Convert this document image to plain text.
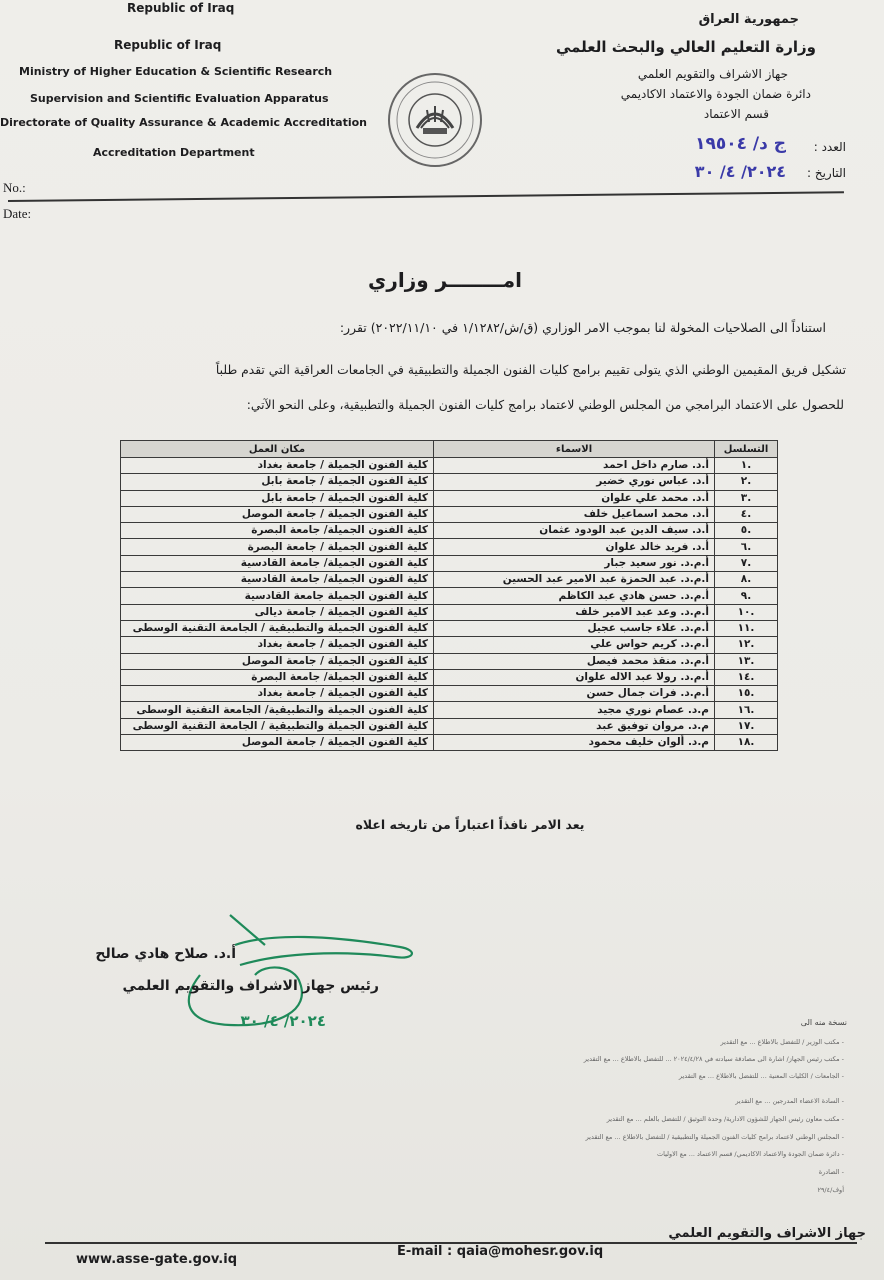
Republic of Iraq
Republic of Iraq
Ministry of Higher Education & Scientific Research
Supervision and Scientific Evaluation Apparatus
Directorate of Quality Assurance & Academic Accreditation
Accreditation Department
No.:
Date:
جمهورية العراق
وزارة التعليم العالي والبحث العلمي
جهاز الاشراف والتقويم العلمي
دائرة ضمان الجودة والاعتماد الاكاديمي
قسم الاعتماد
العدد :
ج د/ ١٩٥٠٤
التاريخ :
٢٠٢٤/ ٤/ ٣٠
امــــــــر وزاري
استناداً الى الصلاحيات المخولة لنا بموجب الامر الوزاري (ق/ش/١/١٢٨٢ في ٢٠٢٢/١١/١٠) تقرر:
تشكيل فريق المقيمين الوطني الذي يتولى تقييم برامج كليات الفنون الجميلة والتطبيقية في الجامعات العراقية التي تقدم طلباً
للحصول على الاعتماد البرامجي من المجلس الوطني لاعتماد برامج كليات الفنون الجميلة والتطبيقية، وعلى النحو الآتي:
التسلسل	الاسماء	مكان العمل
.١	أ.د. صارم داخل احمد	كلية الفنون الجميلة / جامعة بغداد
.٢	أ.د. عباس نوري خضير	كلية الفنون الجميلة / جامعة بابل
.٣	أ.د. محمد علي علوان	كلية الفنون الجميلة / جامعة بابل
.٤	أ.د. محمد اسماعيل خلف	كلية الفنون الجميلة / جامعة الموصل
.٥	أ.د. سيف الدين عبد الودود عثمان	كلية الفنون الجميلة/ جامعة البصرة
.٦	أ.د. فريد خالد علوان	كلية الفنون الجميلة / جامعة البصرة
.٧	أ.م.د. نور سعيد جبار	كلية الفنون الجميلة/ جامعة القادسية
.٨	أ.م.د. عبد الحمزة عبد الامير عبد الحسين	كلية الفنون الجميلة/ جامعة القادسية
.٩	أ.م.د. حسن هادي عبد الكاظم	كلية الفنون الجميلة جامعة القادسية
.١٠	أ.م.د. وعد عبد الامير خلف	كلية الفنون الجميلة / جامعة ديالى
.١١	أ.م.د. علاء جاسب عجيل	كلية الفنون الجميلة والتطبيقية / الجامعة التقنية الوسطى
.١٢	أ.م.د. كريم حواس علي	كلية الفنون الجميلة / جامعة بغداد
.١٣	أ.م.د. منقذ محمد فيصل	كلية الفنون الجميلة / جامعة الموصل
.١٤	أ.م.د. رولا عبد الاله علوان	كلية الفنون الجميلة/ جامعة البصرة
.١٥	أ.م.د. فرات جمال حسن	كلية الفنون الجميلة / جامعة بغداد
.١٦	م.د. عصام نوري مجيد	كلية الفنون الجميلة والتطبيقية/ الجامعة التقنية الوسطى
.١٧	م.د. مروان توفيق عبد	كلية الفنون الجميلة والتطبيقية / الجامعة التقنية الوسطى
.١٨	م.د. ألوان خليف محمود	كلية الفنون الجميلة / جامعة الموصل
يعد الامر نافذاً اعتباراً من تاريخه اعلاه
أ.د. صلاح هادي صالح
رئيس جهاز الاشراف والتقويم العلمي
٢٠٢٤/ ٤/ ٣٠	نسخة منه الى
- مكتب الوزير / للتفضل بالاطلاع ... مع التقدير
- مكتب رئيس الجهاز/ اشارة الى مصادقة سيادته في ٢٠٢٤/٤/٢٨ ... للتفضل بالاطلاع ... مع التقدير
- الجامعات / الكليات المعنية ... للتفضل بالاطلاع ... مع التقدير
- السادة الاعضاء المدرجين ... مع التقدير
- مكتب معاون رئيس الجهاز للشؤون الادارية/ وحدة التوثيق / للتفضل بالعلم ... مع التقدير
- المجلس الوطني لاعتماد برامج كليات الفنون الجميلة والتطبيقية / للتفضل بالاطلاع ... مع التقدير
- دائرة ضمان الجودة والاعتماد الاكاديمي/ قسم الاعتماد ... مع الاوليات
- الصادرة
أوف/٢٩/٤
www.asse-gate.gov.iq
E-mail : qaia@mohesr.gov.iq
جهاز الاشراف والتقويم العلمي
